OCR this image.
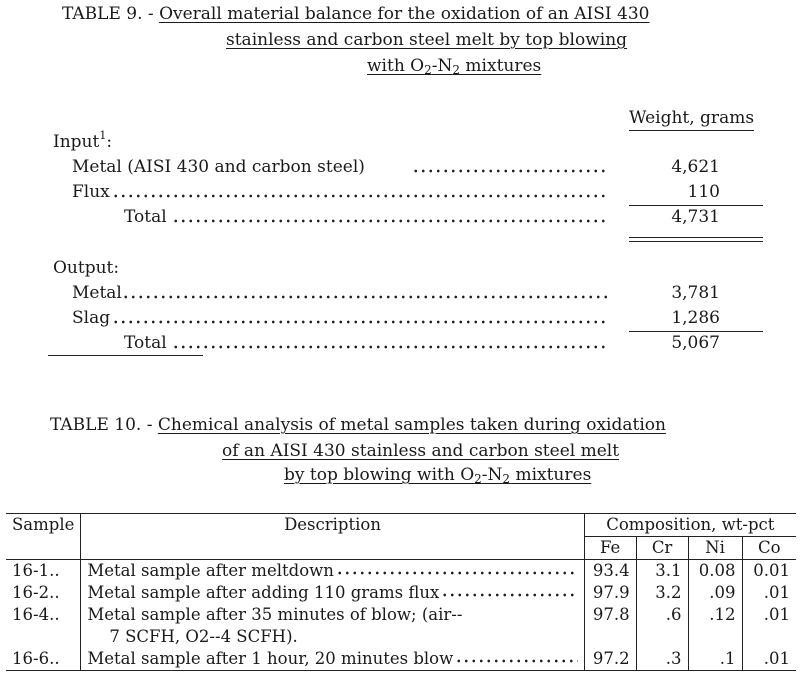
TABLE 9. - Overall material balance for the oxidation of an AISI 430
stainless and carbon steel melt by top blowing
with $O_2-N_2$ mixtures
Weight, grams
Input$^1$:
Metal (AISI 430 and carbon steel)	4,621
Flux	110
Total	4,731
Output:
Metal	3,781
Slag	1,286
Total	5,067
TABLE 10. - Chemical analysis of metal samples taken during oxidation
of an AISI 430 stainless and carbon steel melt
by top blowing with $O_2-N_2$ mixtures
Sample	Description	Composition, wt-pct			
		Fe	Cr	Ni	Co
16-1..	Metal sample after meltdown	93.4	3.1	0.08	0.01
16-2..	Metal sample after adding 110 grams flux	97.9	3.2	.09	.01
16-4..	Metal sample after 35 minutes of blow; (air--
7 SCFH, O2--4 SCFH).	97.8	.6	.12	.01
16-6..	Metal sample after 1 hour, 20 minutes blow	97.2	.3	.1	.01
